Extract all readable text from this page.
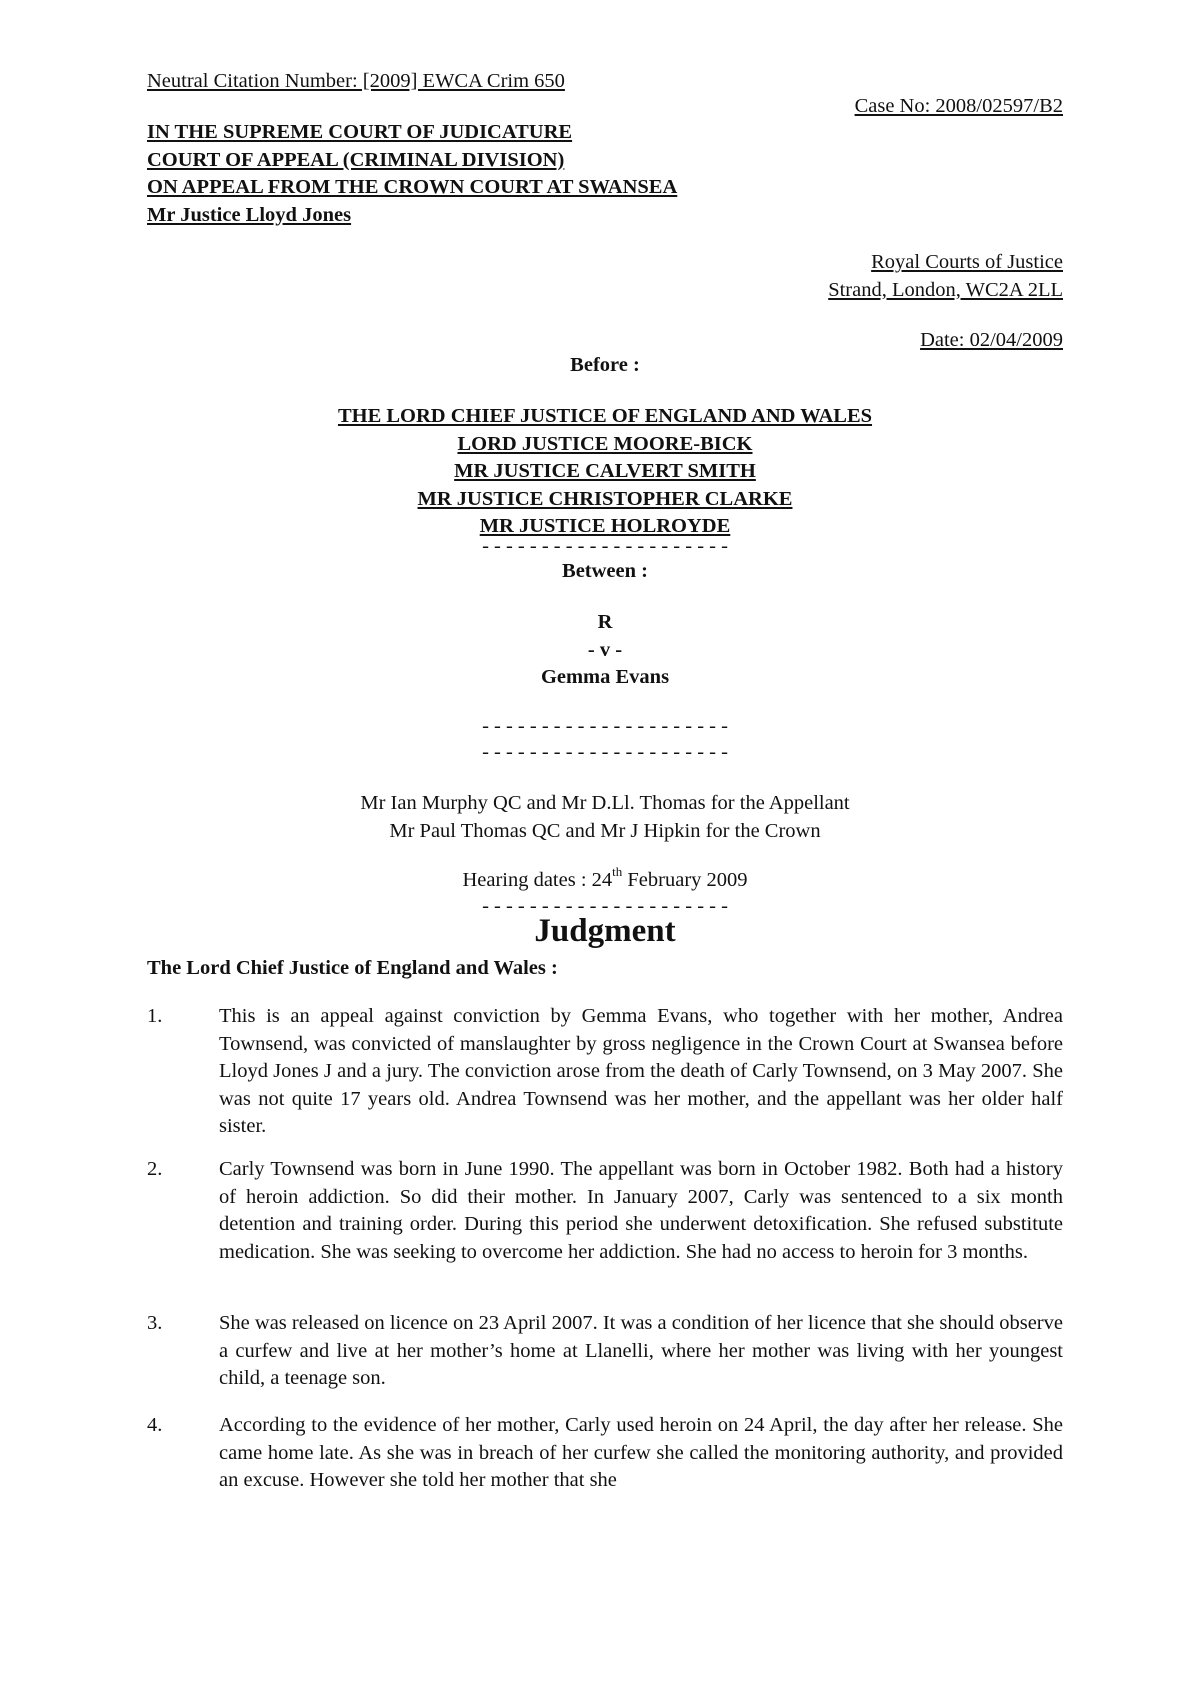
Neutral Citation Number: [2009] EWCA Crim 650
Case No: 2008/02597/B2
IN THE SUPREME COURT OF JUDICATURE
COURT OF APPEAL (CRIMINAL DIVISION)
ON APPEAL FROM THE CROWN COURT AT SWANSEA
Mr Justice Lloyd Jones
Royal Courts of Justice
Strand, London, WC2A 2LL
Date: 02/04/2009
Before :
THE LORD CHIEF JUSTICE OF ENGLAND AND WALES
LORD JUSTICE MOORE-BICK
MR JUSTICE CALVERT SMITH
MR JUSTICE CHRISTOPHER CLARKE
MR JUSTICE HOLROYDE
- - - - - - - - - - - - - - - - - - - - -
Between :
R
- v -
Gemma Evans
- - - - - - - - - - - - - - - - - - - - -
- - - - - - - - - - - - - - - - - - - - -
Mr Ian Murphy QC and Mr D.Ll. Thomas for the Appellant
Mr Paul Thomas QC and Mr J Hipkin for the Crown
Hearing dates : 24th February 2009
- - - - - - - - - - - - - - - - - - - - -
Judgment
The Lord Chief Justice of England and Wales :
1.	This is an appeal against conviction by Gemma Evans, who together with her mother, Andrea Townsend, was convicted of manslaughter by gross negligence in the Crown Court at Swansea before Lloyd Jones J and a jury. The conviction arose from the death of Carly Townsend, on 3 May 2007. She was not quite 17 years old. Andrea Townsend was her mother, and the appellant was her older half sister.
2.	Carly Townsend was born in June 1990. The appellant was born in October 1982. Both had a history of heroin addiction. So did their mother. In January 2007, Carly was sentenced to a six month detention and training order. During this period she underwent detoxification. She refused substitute medication. She was seeking to overcome her addiction. She had no access to heroin for 3 months.
3.	She was released on licence on 23 April 2007. It was a condition of her licence that she should observe a curfew and live at her mother’s home at Llanelli, where her mother was living with her youngest child, a teenage son.
4.	According to the evidence of her mother, Carly used heroin on 24 April, the day after her release. She came home late. As she was in breach of her curfew she called the monitoring authority, and provided an excuse. However she told her mother that she
